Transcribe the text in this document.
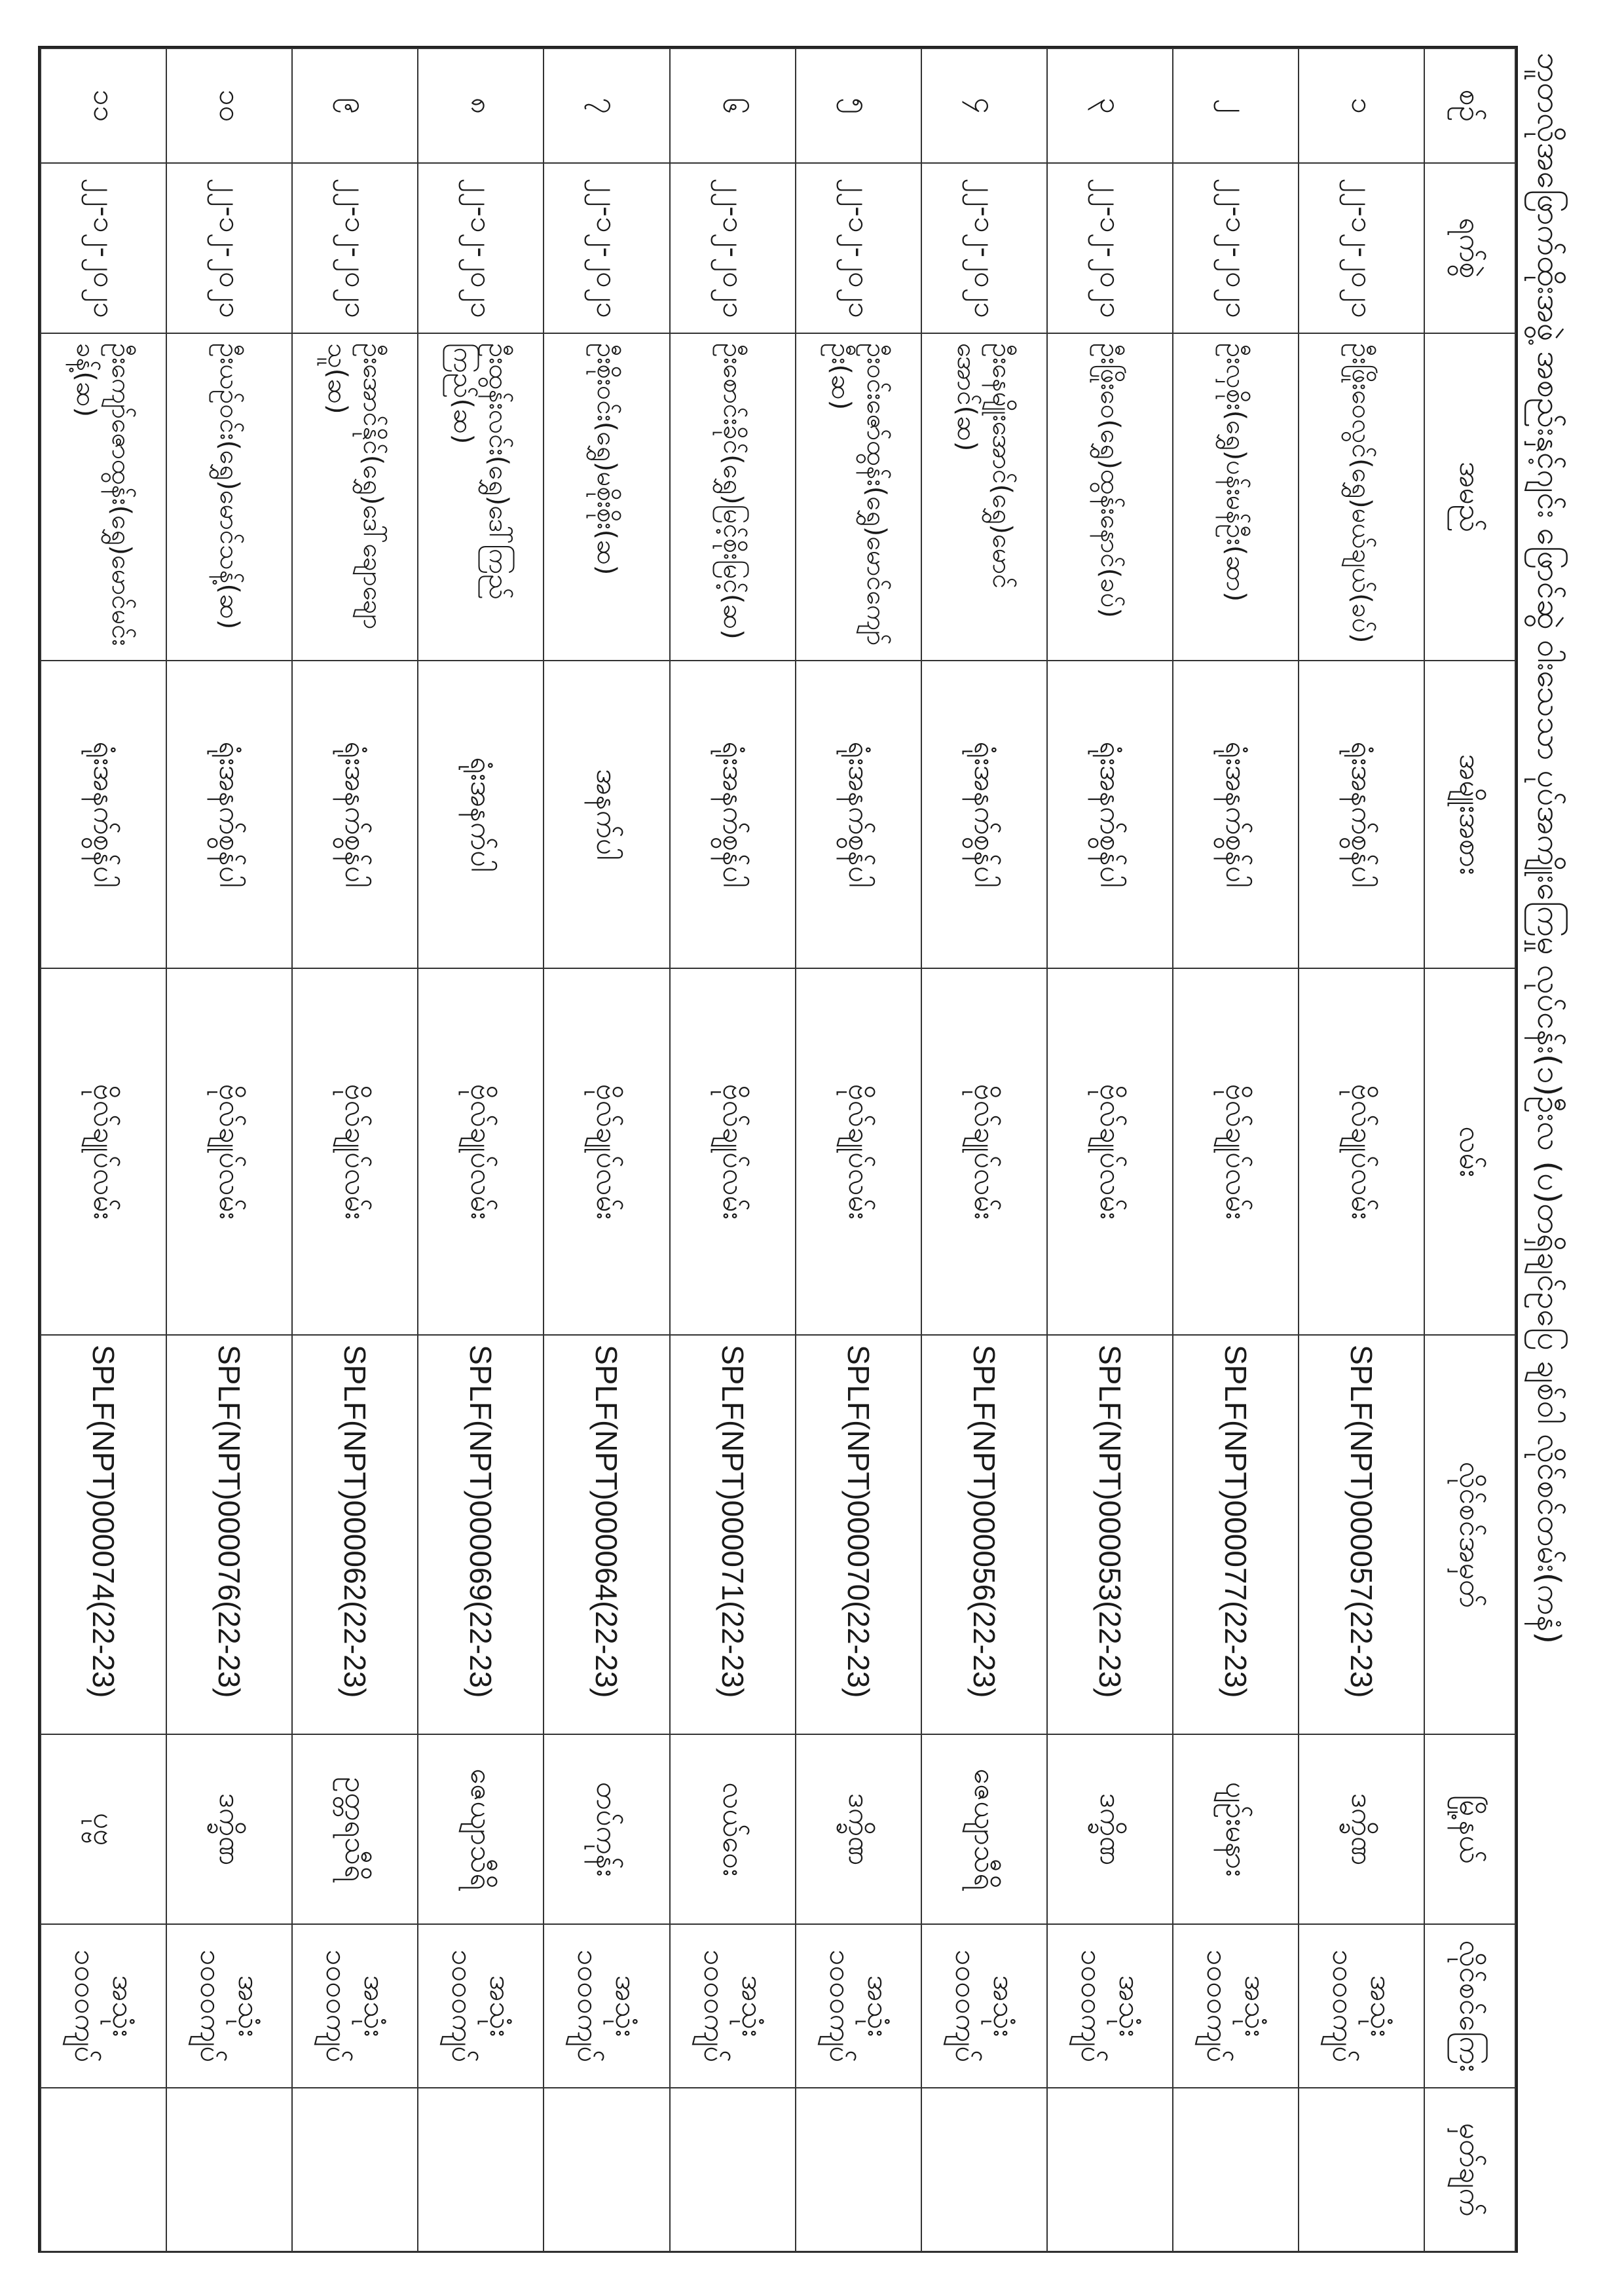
ဘူတလိုအဖြောက်ထိုးအဖွဲ့ အစည်းနှင့်ဂျင်း ဖြောင်ဆွဲ ဝါးသေသာ ပုပ်အကျိုးကြေမှု လုပ်ငန်း(၁)ဦးလ (ပ)တရှိချင်ဥပြေ ချစ်ဝါ လိုင်စင်တမ်း(ကနံ)
စဉ်	ရက်စွဲ	အမည်	အမျိုးအစား	လမ်း	လိုင်စင်အမှတ်	မြို့နယ်	လိုင်စင်ကြေး	မှတ်ချက်
၁	၂၂-၁၂-၂၀၂၁	ဦးဖြိုးဝေလွင်(ရွှေ)မယ်ချယ်(ခပ်)	ရုံးအနက်စွန်ပါ	ဗိုလ်ချုပ်လမ်း	SPLF(NPT)000057(22-23)	ဒက္ခိဏ	အသုံး ၁၀၀၀ကျပ်	
၂	၂၂-၁၂-၂၀၂၁	ဦးလှစိုး(ရွှေ)ပန်းမန်ဦး(ဆာ)	ရုံးအနက်စွန်ပါ	ဗိုလ်ချုပ်လမ်း	SPLF(NPT)000077(22-23)	ပျဉ်းမနား	အသုံး ၁၀၀၀ကျပ်	
၃	၂၂-၁၂-၂၀၂၁	ဦးဖြိုးဝေ(ရွှေ)ထွန်းနောင်(ခပ်)	ရုံးအနက်စွန်ပါ	ဗိုလ်ချုပ်လမ်း	SPLF(NPT)000053(22-23)	ဒက္ခိဏ	အသုံး ၁၀၀၀ကျပ်	
၄	၂၂-၁၂-၂၀၂၁	ဦးနေမျိုးအောင်(ရွှေ)မောင်အောင်(ဆ)	ရုံးအနက်စွန်ပါ	ဗိုလ်ချုပ်လမ်း	SPLF(NPT)000056(22-23)	ဇေယျာသီရိ	အသုံး ၁၀၀၀ကျပ်	
၅	၂၂-၁၂-၂၀၂၁	ဦးဝင်းဇော်ထွန်း(ရွှေ)မောင်ကျော်ဦး(ဆ)	ရုံးအနက်စွန်ပါ	ဗိုလ်ချုပ်လမ်း	SPLF(NPT)000070(22-23)	ဒက္ခိဏ	အသုံး ၁၀၀၀ကျပ်	
၆	၂၂-၁၂-၂၀၂၁	ဦးစောင်းခိုင်(ရွှေ)မြင့်စိုးမြင့်(ဆ)	ရုံးအနက်စွန်ပါ	ဗိုလ်ချုပ်လမ်း	SPLF(NPT)000071(22-23)	လယ်ဝေး	အသုံး ၁၀၀၀ကျပ်	
၇	၂၂-၁၂-၂၀၂၁	ဦးစိုးဝင်း(ရွှေ)မစိုးစိုး(ဆ)	အနက်ပါ	ဗိုလ်ချုပ်လမ်း	SPLF(NPT)000064(22-23)	တပ်ကုန်း	အသုံး ၁၀၀၀ကျပ်	
၈	၂၂-၁၂-၂၀၂၁	ဦးထွန်းလင်း(ရွှေ)ဒေါ်ကြည်ကြည်(ဆ)	ရုံးအနက်ပါ	ဗိုလ်ချုပ်လမ်း	SPLF(NPT)000069(22-23)	ဇေယျာသီရိ	အသုံး ၁၀၀၀ကျပ်	
၉	၂၂-၁၂-၂၀၂၁	ဦးအောင်နိုင်(ရွှေ)ဒေါ်ချောချောသူ(ဆ)	ရုံးအနက်စွန်ပါ	ဗိုလ်ချုပ်လမ်း	SPLF(NPT)000062(22-23)	ဥတ္တရသီရိ	အသုံး ၁၀၀၀ကျပ်	
၁၀	၂၂-၁၂-၂၀၂၁	ဦးယဉ်ဝင်း(ရွှေ)မောင်သန့်(ဆ)	ရုံးအနက်စွန်ပါ	ဗိုလ်ချုပ်လမ်း	SPLF(NPT)000076(22-23)	ဒက္ခိဏ	အသုံး ၁၀၀၀ကျပ်	
၁၁	၂၂-၁၂-၂၀၂၁	ဦးကျော်ဇောထွန်း(ရွှေ)မောင်မင်းခန့်(ဆ)	ရုံးအနက်စွန်ပါ	ဗိုလ်ချုပ်လမ်း	SPLF(NPT)000074(22-23)	ပုဗ္ဗ	အသုံး ၁၀၀၀ကျပ်	
